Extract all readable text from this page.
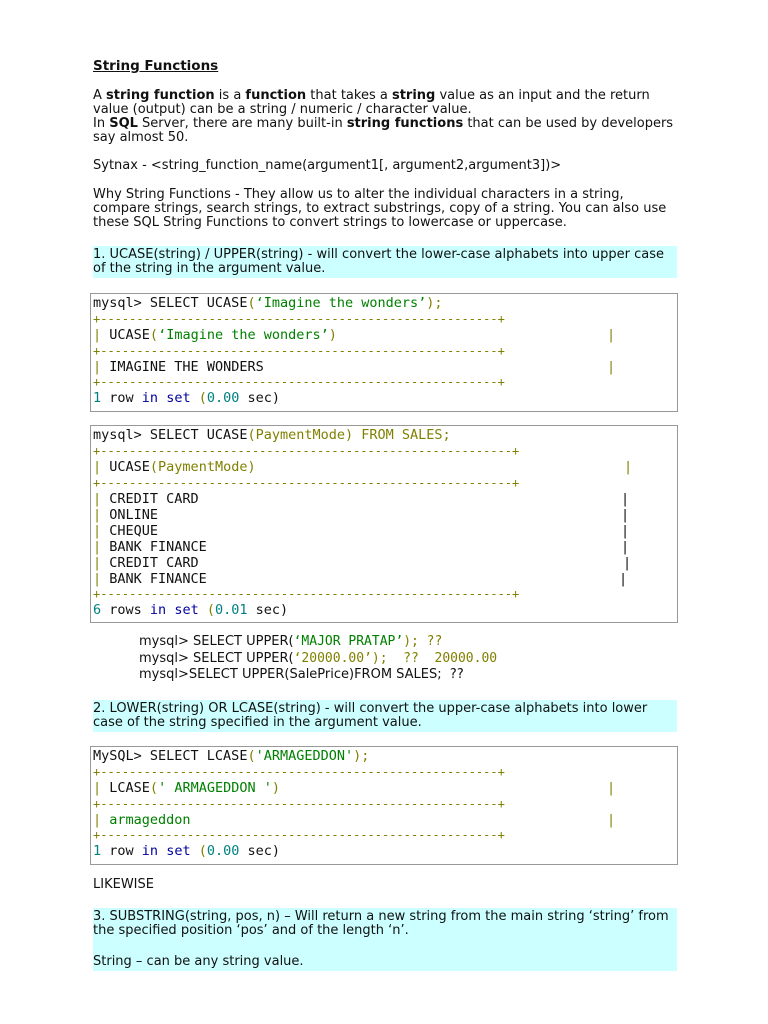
String Functions

A string function is a function that takes a string value as an input and the return

value (output) can be a string / numeric / character value.

In SQL Server, there are many built-in string functions that can be used by developers

say almost 50.

Sytnax - <string_function_name(argument1[, argument2,argument3])>

Why String Functions - They allow us to alter the individual characters in a string,

compare strings, search strings, to extract substrings, copy of a string. You can also use

these SQL String Functions to convert strings to lowercase or uppercase.

1. UCASE(string) / UPPER(string) - will convert the lower-case alphabets into upper case

of the string in the argument value.

mysql> SELECT UCASE(‘Imagine the wonders’);
+-------------------------------------------------------+
| UCASE(‘Imagine the wonders’)	|
+-------------------------------------------------------+
| IMAGINE THE WONDERS	|
+-------------------------------------------------------+
1 row in set (0.00 sec)
mysql> SELECT UCASE(PaymentMode) FROM SALES;
+---------------------------------------------------------+
| UCASE(PaymentMode)	|
+---------------------------------------------------------+
| CREDIT CARD	|
| ONLINE	|
| CHEQUE	|
| BANK FINANCE	|
| CREDIT CARD	|
| BANK FINANCE	|
+---------------------------------------------------------+
6 rows in set (0.01 sec)
mysql> SELECT UPPER(‘MAJOR PRATAP’); ??
mysql> SELECT UPPER(‘20000.00’);  ??  20000.00
mysql>SELECT UPPER(SalePrice)FROM SALES;  ??

2. LOWER(string) OR LCASE(string) - will convert the upper-case alphabets into lower

case of the string specified in the argument value.

MySQL> SELECT LCASE('ARMAGEDDON');
+-------------------------------------------------------+
| LCASE(' ARMAGEDDON ')	|
+-------------------------------------------------------+
| armageddon	|
+-------------------------------------------------------+
1 row in set (0.00 sec)

LIKEWISE

3. SUBSTRING(string, pos, n) – Will return a new string from the main string ‘string’ from

the specified position ‘pos’ and of the length ‘n’.

String – can be any string value.
